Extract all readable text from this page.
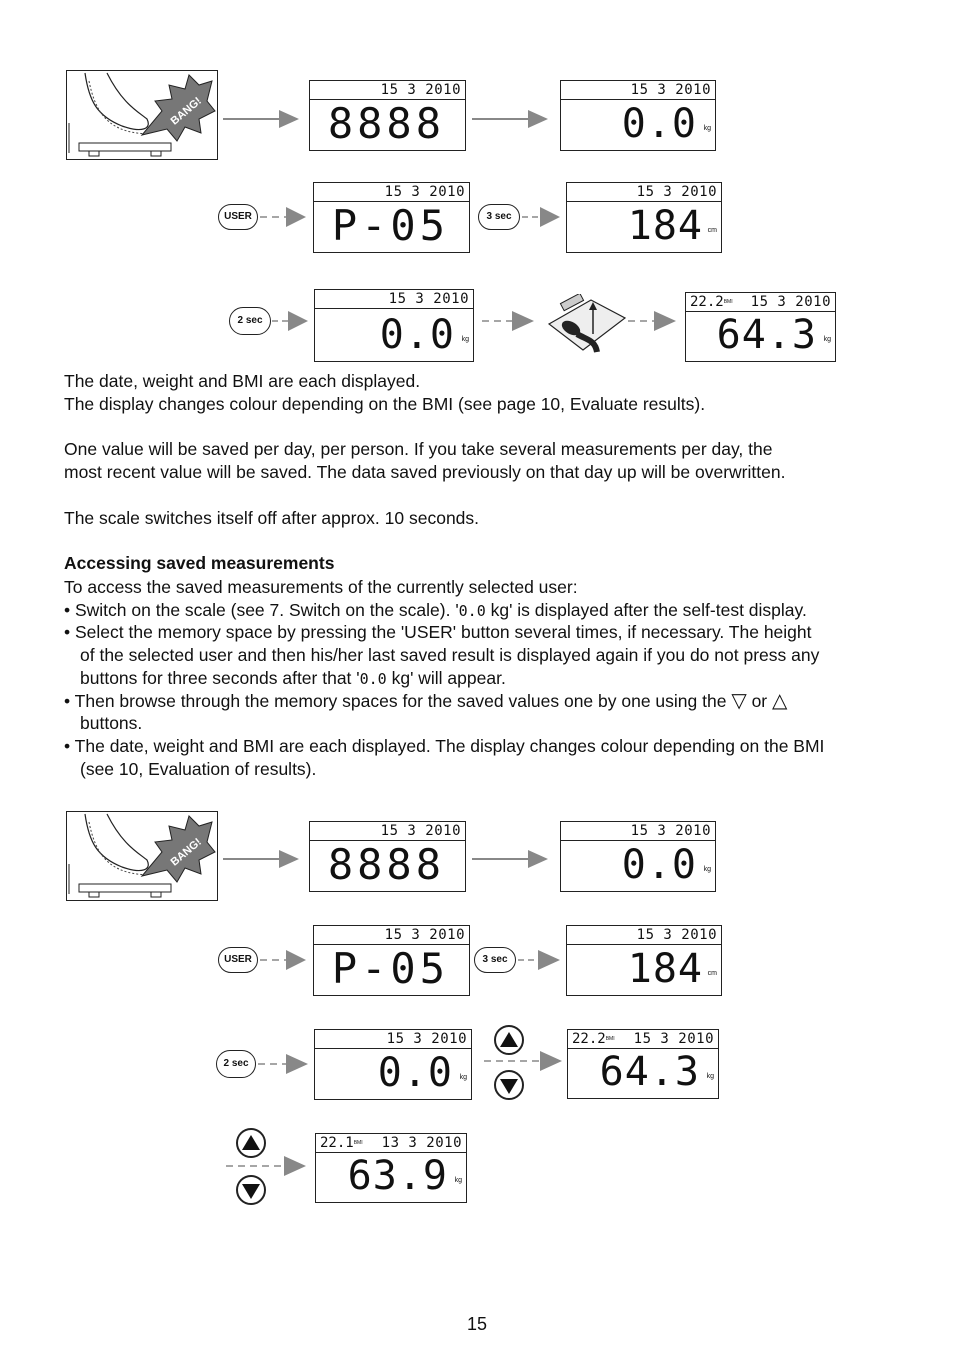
BANG!
15 3 2010
8888
15 3 2010
0.0 kg
USER
15 3 2010
P-05	3 sec
15 3 2010
184 cm
2 sec
15 3 2010
0.0 kg
22.2BMI 15 3 2010
64.3 kg
The date, weight and BMI are each displayed.
The display changes colour depending on the BMI (see page 10, Evaluate results).
One value will be saved per day, per person. If you take several measurements per day, the
most recent value will be saved. The data saved previously on that day up will be overwritten.
The scale switches itself off after approx. 10 seconds.
Accessing saved measurements
To access the saved measurements of the currently selected user:
• Switch on the scale (see 7. Switch on the scale). '0.0 kg' is displayed after the self-test display.
• Select the memory space by pressing the 'USER' button several times, if necessary. The height
of the selected user and then his/her last saved result is displayed again if you do not press any
buttons for three seconds after that '0.0 kg' will appear.
• Then browse through the memory spaces for the saved values one by one using the ▽ or △
buttons.
• The date, weight and BMI are each displayed. The display changes colour depending on the BMI
(see 10, Evaluation of results).
BANG!
15 3 2010
8888
15 3 2010
0.0 kg
USER
15 3 2010
P-05	3 sec
15 3 2010
184 cm
2 sec
15 3 2010
0.0 kg
22.2BMI 15 3 2010
64.3 kg
22.1BMI 13 3 2010
63.9 kg
15
